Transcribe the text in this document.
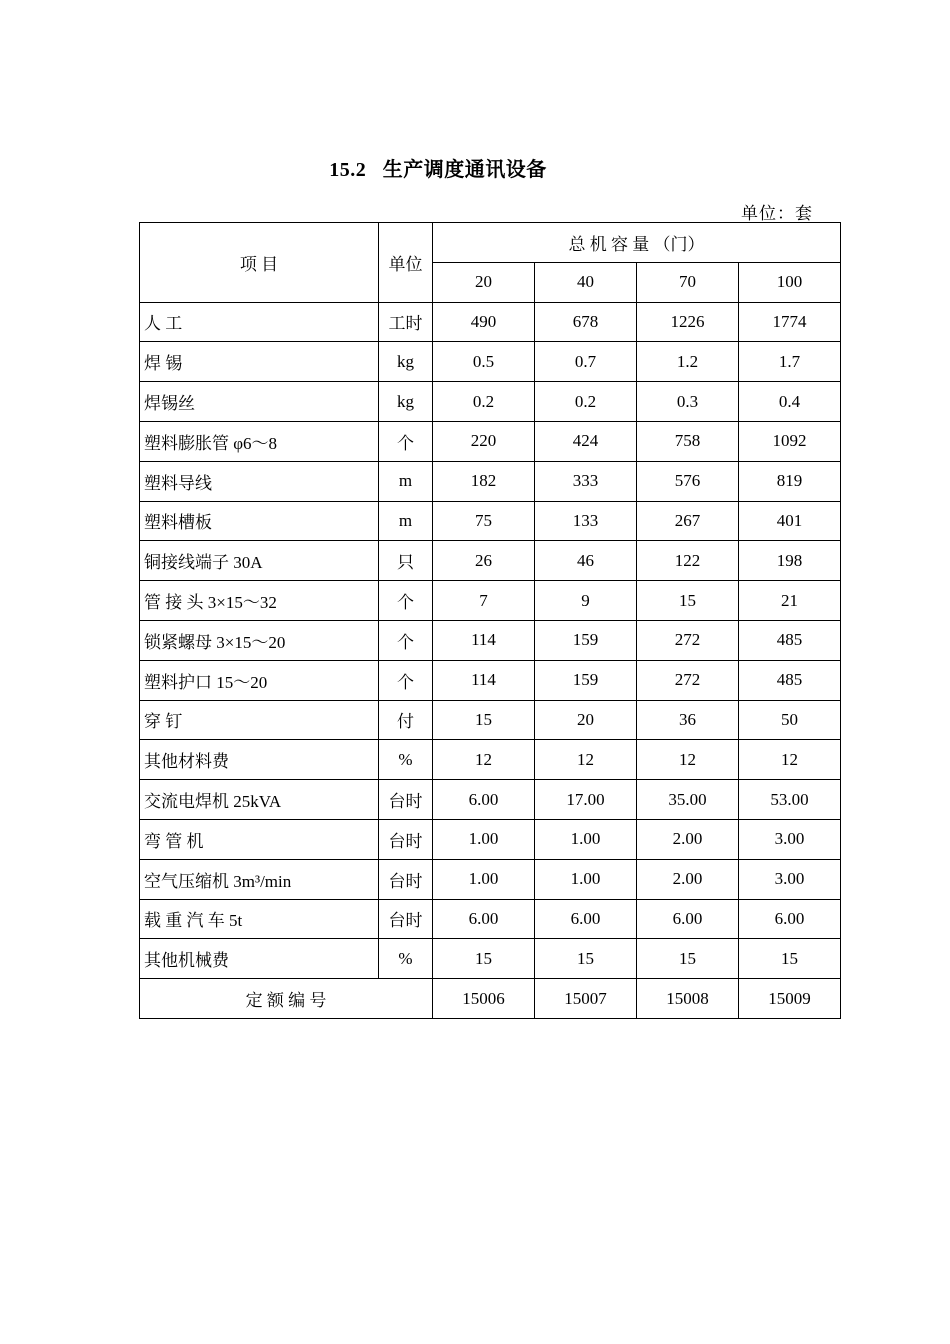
15.2   生产调度通讯设备
单位：套
项 目	单位	总 机 容 量 （门）			
		20	40	70	100
人 工	工时	490	678	1226	1774
焊 锡	kg	0.5	0.7	1.2	1.7
焊锡丝	kg	0.2	0.2	0.3	0.4
塑料膨胀管 φ6～8	个	220	424	758	1092
塑料导线	m	182	333	576	819
塑料槽板	m	75	133	267	401
铜接线端子 30A	只	26	46	122	198
管 接 头 3×15～32	个	7	9	15	21
锁紧螺母 3×15～20	个	114	159	272	485
塑料护口 15～20	个	114	159	272	485
穿 钉	付	15	20	36	50
其他材料费	%	12	12	12	12
交流电焊机 25kVA	台时	6.00	17.00	35.00	53.00
弯 管 机	台时	1.00	1.00	2.00	3.00
空气压缩机 3m³/min	台时	1.00	1.00	2.00	3.00
载 重 汽 车 5t	台时	6.00	6.00	6.00	6.00
其他机械费	%	15	15	15	15
定 额 编 号		15006	15007	15008	15009
